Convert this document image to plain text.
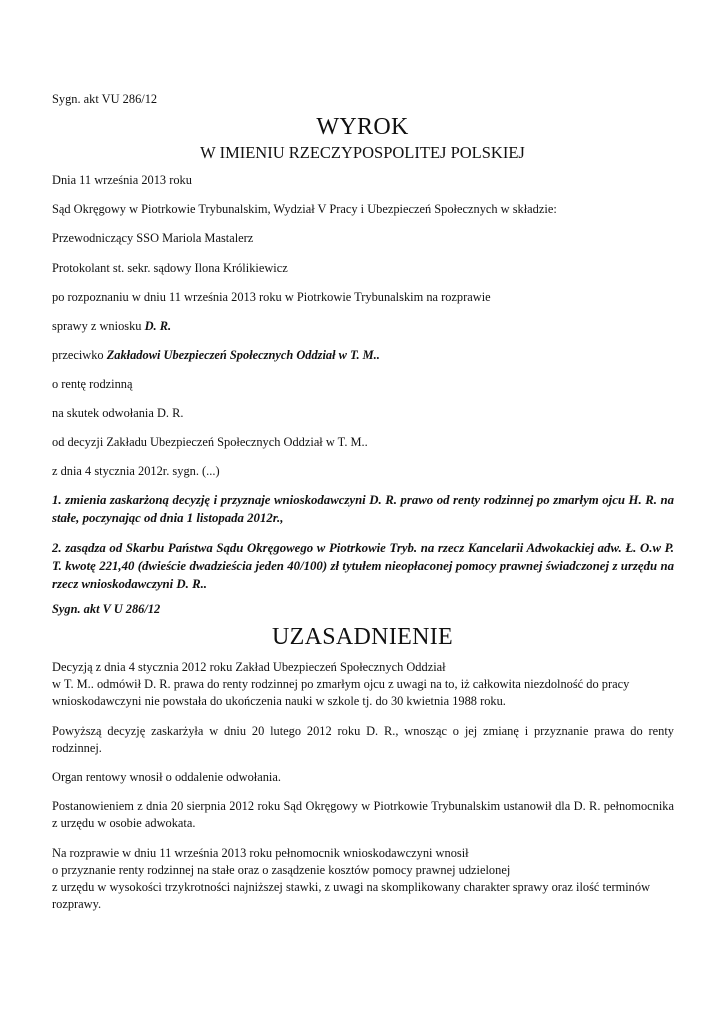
Sygn. akt VU 286/12

WYROK

W IMIENIU RZECZYPOSPOLITEJ POLSKIEJ

Dnia 11 września 2013 roku

Sąd Okręgowy w Piotrkowie Trybunalskim, Wydział V Pracy i Ubezpieczeń Społecznych w składzie:

Przewodniczący SSO Mariola Mastalerz

Protokolant st. sekr. sądowy Ilona Królikiewicz

po rozpoznaniu w dniu 11 września 2013 roku w Piotrkowie Trybunalskim na rozprawie

sprawy z wniosku D. R.

przeciwko Zakładowi Ubezpieczeń Społecznych Oddział w T. M..

o rentę rodzinną

na skutek odwołania D. R.

od decyzji Zakładu Ubezpieczeń Społecznych Oddział w T. M..

z dnia 4 stycznia 2012r. sygn. (...)

1. zmienia zaskarżoną decyzję i przyznaje wnioskodawczyni D. R. prawo od renty rodzinnej po zmarłym ojcu H. R. na stałe, poczynając od dnia 1 listopada 2012r.,

2. zasądza od Skarbu Państwa Sądu Okręgowego w Piotrkowie Tryb. na rzecz Kancelarii Adwokackiej adw. Ł. O.w P. T. kwotę 221,40 (dwieście dwadzieścia jeden 40/100) zł tytułem nieopłaconej pomocy prawnej świadczonej z urzędu na rzecz wnioskodawczyni D. R..

Sygn. akt V U 286/12

UZASADNIENIE

Decyzją z dnia 4 stycznia 2012 roku Zakład Ubezpieczeń Społecznych Oddział
w T. M.. odmówił D. R. prawa do renty rodzinnej po zmarłym ojcu z uwagi na to, iż całkowita niezdolność do pracy wnioskodawczyni nie powstała do ukończenia nauki w szkole tj. do 30 kwietnia 1988 roku.

Powyższą decyzję zaskarżyła w dniu 20 lutego 2012 roku D. R., wnosząc o jej zmianę i przyznanie prawa do renty rodzinnej.

Organ rentowy wnosił o oddalenie odwołania.

Postanowieniem z dnia 20 sierpnia 2012 roku Sąd Okręgowy w Piotrkowie Trybunalskim ustanowił dla D. R. pełnomocnika z urzędu w osobie adwokata.

Na rozprawie w dniu 11 września 2013 roku pełnomocnik wnioskodawczyni wnosił
o przyznanie renty rodzinnej na stałe oraz o zasądzenie kosztów pomocy prawnej udzielonej
z urzędu w wysokości trzykrotności najniższej stawki, z uwagi na skomplikowany charakter sprawy oraz ilość terminów rozprawy.
